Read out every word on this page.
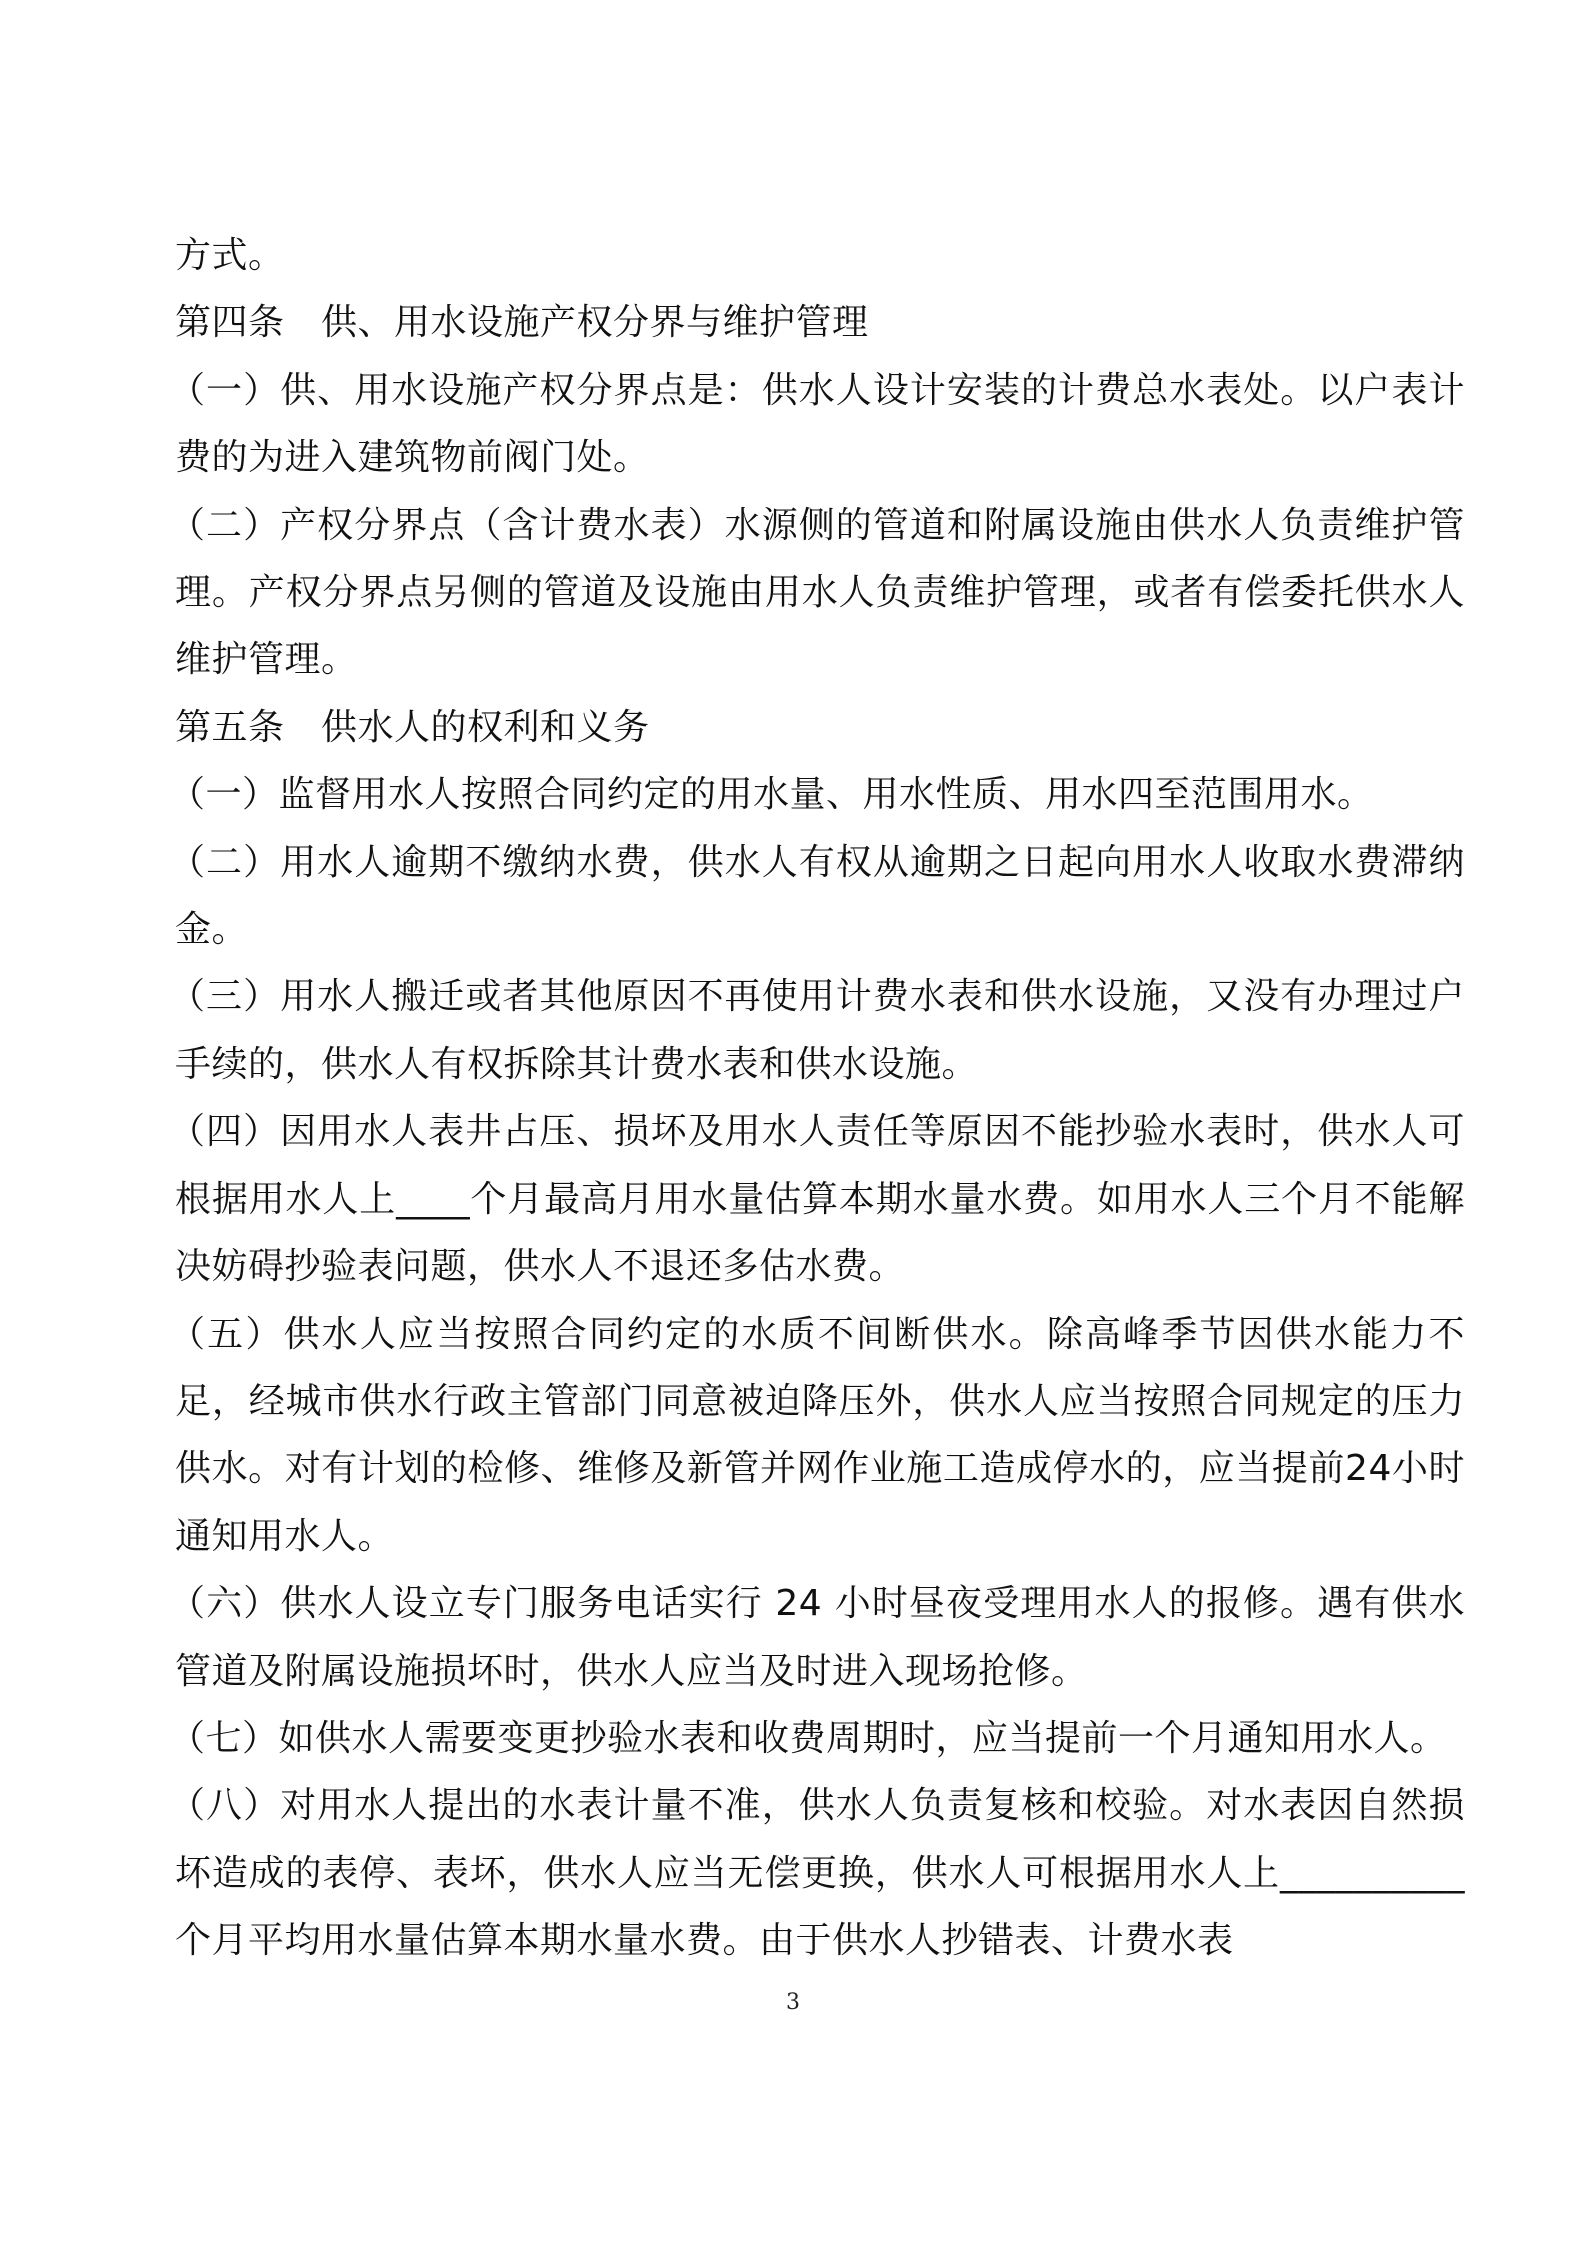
方式。

第四条　供、用水设施产权分界与维护管理

（一）供、用水设施产权分界点是：供水人设计安装的计费总水表处。以户表计费的为进入建筑物前阀门处。

（二）产权分界点（含计费水表）水源侧的管道和附属设施由供水人负责维护管理。产权分界点另侧的管道及设施由用水人负责维护管理，或者有偿委托供水人维护管理。

第五条　供水人的权利和义务

（一）监督用水人按照合同约定的用水量、用水性质、用水四至范围用水。

（二）用水人逾期不缴纳水费，供水人有权从逾期之日起向用水人收取水费滞纳金。

（三）用水人搬迁或者其他原因不再使用计费水表和供水设施，又没有办理过户手续的，供水人有权拆除其计费水表和供水设施。

（四）因用水人表井占压、损坏及用水人责任等原因不能抄验水表时，供水人可根据用水人上____个月最高月用水量估算本期水量水费。如用水人三个月不能解决妨碍抄验表问题，供水人不退还多估水费。

（五）供水人应当按照合同约定的水质不间断供水。除高峰季节因供水能力不足，经城市供水行政主管部门同意被迫降压外，供水人应当按照合同规定的压力供水。对有计划的检修、维修及新管并网作业施工造成停水的，应当提前24小时通知用水人。

（六）供水人设立专门服务电话实行 24 小时昼夜受理用水人的报修。遇有供水管道及附属设施损坏时，供水人应当及时进入现场抢修。

（七）如供水人需要变更抄验水表和收费周期时，应当提前一个月通知用水人。

（八）对用水人提出的水表计量不准，供水人负责复核和校验。对水表因自然损坏造成的表停、表坏，供水人应当无偿更换，供水人可根据用水人上__________个月平均用水量估算本期水量水费。由于供水人抄错表、计费水表

3
